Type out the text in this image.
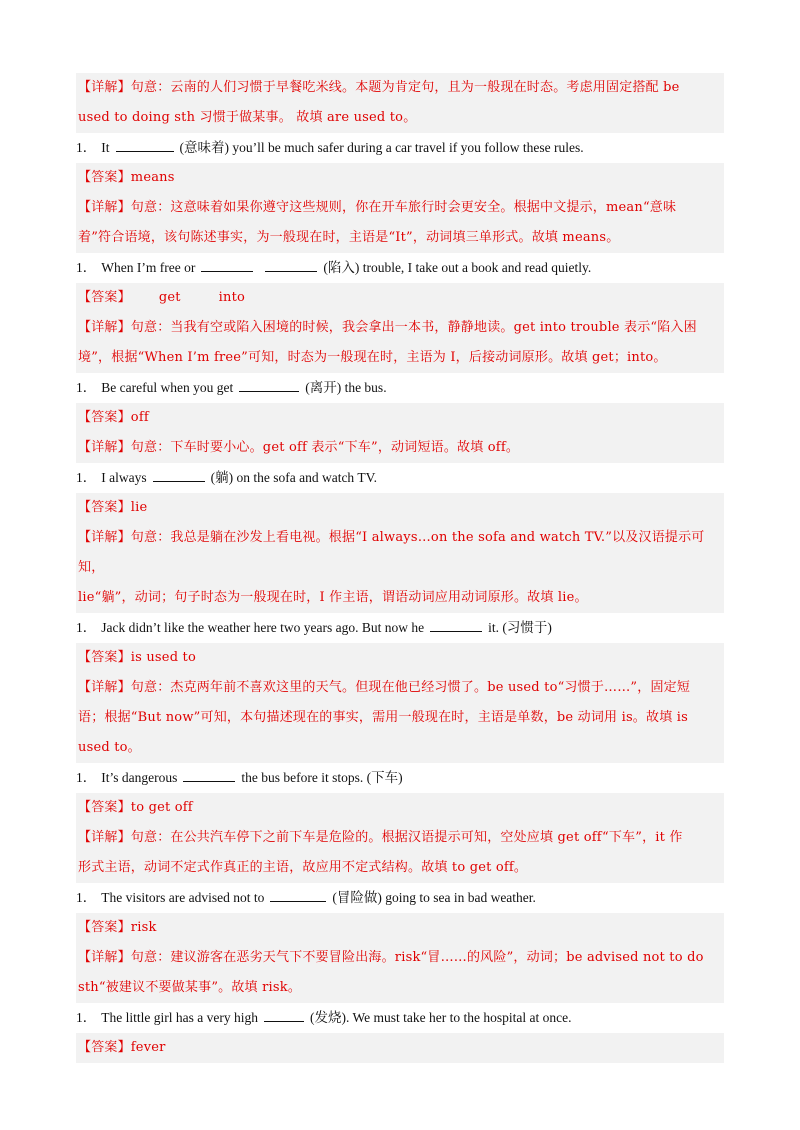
【详解】句意：云南的人们习惯于早餐吃米线。本题为肯定句，且为一般现在时态。考虑用固定搭配 be
used to doing sth 习惯于做某事。 故填 are used to。
1． It	(意味着) you’ll be much safer during a car travel if you follow these rules.
【答案】means
【详解】句意：这意味着如果你遵守这些规则，你在开车旅行时会更安全。根据中文提示，mean“意味
着”符合语境，该句陈述事实，为一般现在时，主语是“It”，动词填三单形式。故填 means。
1． When I’m free or	(陷入) trouble, I take out a book and read quietly.
【答案】 get	into
【详解】句意：当我有空或陷入困境的时候，我会拿出一本书，静静地读。get into trouble 表示“陷入困
境”，根据“When I’m free”可知，时态为一般现在时，主语为 I，后接动词原形。故填 get；into。
1． Be careful when you get	(离开) the bus.
【答案】off
【详解】句意：下车时要小心。get off 表示“下车”，动词短语。故填 off。
1． I always	(躺) on the sofa and watch TV.
【答案】lie
【详解】句意：我总是躺在沙发上看电视。根据“I always…on the sofa and watch TV.”以及汉语提示可知，
lie“躺”，动词；句子时态为一般现在时，I 作主语，谓语动词应用动词原形。故填 lie。
1． Jack didn’t like the weather here two years ago. But now he	it. (习惯于)
【答案】is used to
【详解】句意：杰克两年前不喜欢这里的天气。但现在他已经习惯了。be used to“习惯于……”，固定短
语；根据“But now”可知，本句描述现在的事实，需用一般现在时，主语是单数，be 动词用 is。故填 is
used to。
1． It’s dangerous	the bus before it stops. (下车)
【答案】to get off
【详解】句意：在公共汽车停下之前下车是危险的。根据汉语提示可知，空处应填 get off“下车”，it 作
形式主语，动词不定式作真正的主语，故应用不定式结构。故填 to get off。
1． The visitors are advised not to	(冒险做) going to sea in bad weather.
【答案】risk
【详解】句意：建议游客在恶劣天气下不要冒险出海。risk“冒……的风险”，动词；be advised not to do
sth“被建议不要做某事”。故填 risk。
1． The little girl has a very high	(发烧). We must take her to the hospital at once.
【答案】fever
